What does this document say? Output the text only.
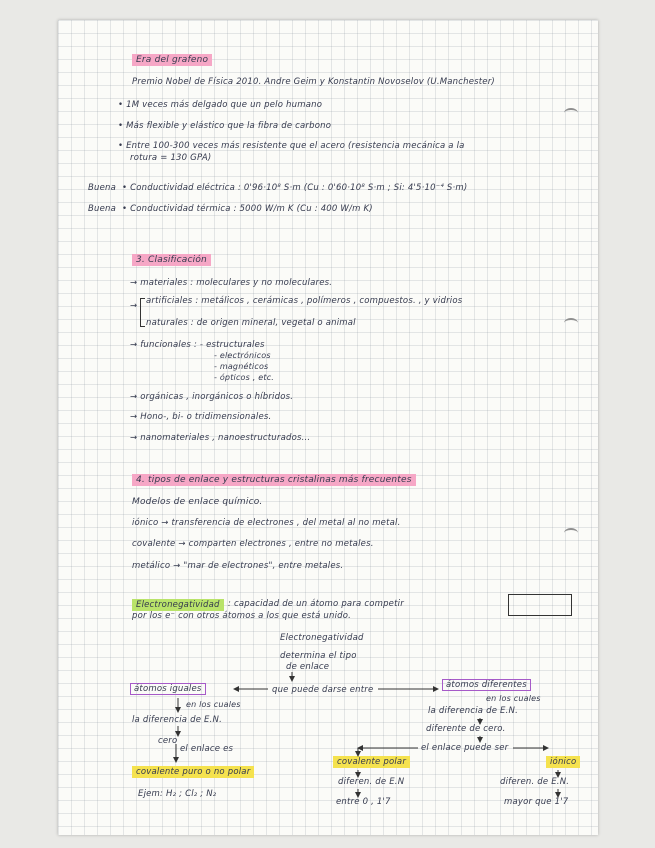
Era del grafeno
Premio Nobel de Física 2010. Andre Geim y Konstantin Novoselov (U.Manchester)
• 1M veces más delgado que un pelo humano
• Más flexible y elástico que la fibra de carbono
• Entre 100-300 veces más resistente que el acero (resistencia mecánica a la
rotura = 130 GPA)
Buena • Conductividad eléctrica : 0'96·10⁸ S·m (Cu : 0'60·10⁸ S·m ; Si: 4'5·10⁻⁴ S·m)
Buena • Conductividad térmica : 5000 W/m K (Cu : 400 W/m K)
3. Clasificación
→ materiales : moleculares y no moleculares.
→ artificiales : metálicos , cerámicas , polímeros , compuestos. , y vidrios
naturales : de origen mineral, vegetal o animal
→ funcionales : - estructurales
- electrónicos
- magnéticos
- ópticos , etc.
→ orgánicas , inorgánicos o híbridos.
→ Hono-, bi- o tridimensionales.
→ nanomateriales , nanoestructurados...
4. tipos de enlace y estructuras cristalinas más frecuentes
Modelos de enlace químico.
iónico → transferencia de electrones , del metal al no metal.
covalente → comparten electrones , entre no metales.
metálico → "mar de electrones", entre metales.
Electronegatividad : capacidad de un átomo para competir
por los e⁻ con otros átomos a los que está unido.
Electronegatividad
determina el tipo
de enlace
que puede darse entre
átomos iguales
en los cuales
la diferencia de E.N.
cero
el enlace es
covalente puro o no polar
Ejem: H₂ ; Cl₂ ; N₂
átomos diferentes
en los cuales
la diferencia de E.N.
diferente de cero.
el enlace puede ser
covalente polar	iónico
diferen. de E.N
entre 0 , 1'7
diferen. de E.N.
mayor que 1'7
